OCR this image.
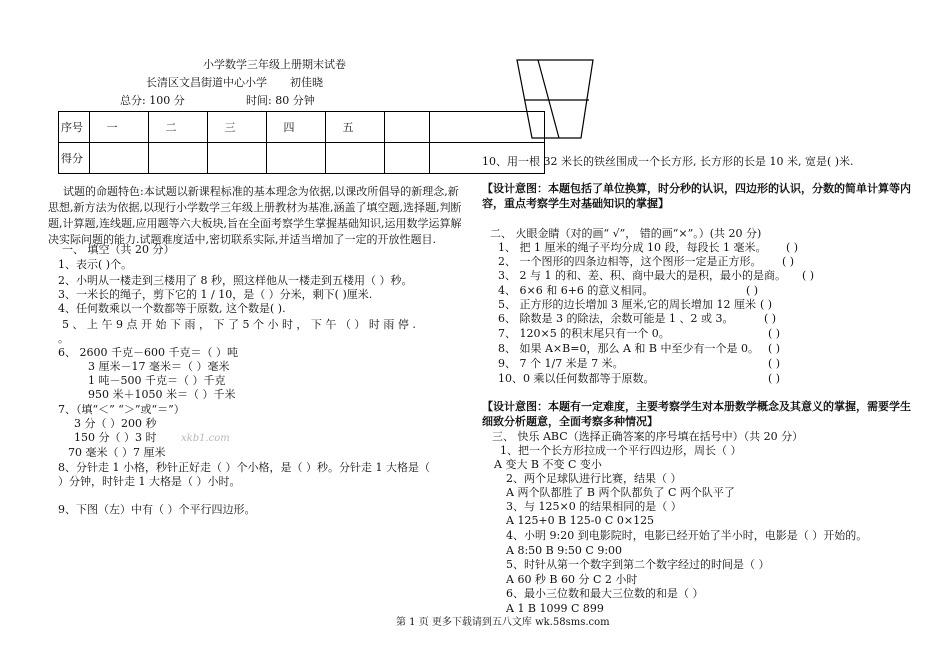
小学数学三年级上册期末试卷
长清区文昌街道中心小学 初佳晓
总分: 100 分	时间: 80 分钟
序号	一	二	三	四	五		
得分							
试题的命题特色:本试题以新课程标准的基本理念为依据,以课改所倡导的新理念,新
思想,新方法为依据,以现行小学数学三年级上册教材为基准,涵盖了填空题,选择题,判断
题,计算题,连线题,应用题等六大板块,旨在全面考察学生掌握基础知识,运用数学运算解
决实际问题的能力.试题难度适中,密切联系实际,并适当增加了一定的开放性题目.
一、 填空（共 20 分）
1、表示( )个。
2、小明从一楼走到三楼用了 8 秒，照这样他从一楼走到五楼用（ ）秒。
3、一米长的绳子，剪下它的 1 / 10，是（ ）分米，剩下( )厘米.
4、任何数乘以一个数都等于原数, 这个数是( ).
5 、 上 午 9 点 开 始 下 雨 ， 下 了 5 个 小 时 ， 下 午 （ ） 时 雨 停 .
。
6、 2600 千克－600 千克＝（ ）吨
3 厘米－17 毫米＝（ ）毫米
1 吨－500 千克＝（ ）千克
950 米＋1050 米＝（ ）千米
7、（填“＜” “＞”或“＝”）
3 分（ ）200 秒
150 分（ ）3 时 xkb1.com
70 毫米（ ）7 厘米
8、分针走 1 小格，秒针正好走（ ）个小格，是（ ）秒。分针走 1 大格是（
）分钟，时针走 1 大格是（ ）小时。
9、下图（左）中有（ ）个平行四边形。
10、用一根 32 米长的铁丝围成一个长方形, 长方形的长是 10 米, 宽是( )米.
【设计意图：本题包括了单位换算，时分秒的认识，四边形的认识，分数的简单计算等内容，重点考察学生对基础知识的掌握】
二、 火眼金睛（对的画“ √”， 错的画“×”。）(共 20 分)
1、 把 1 厘米的绳子平均分成 10 段，每段长 1 毫米。 ( )
2、 一个图形的四条边相等，这个图形一定是正方形。 ( )
3、 2 与 1 的和、差、积、商中最大的是积，最小的是商。 ( )
4、 6×6 和 6+6 的意义相同。	( )
5、 正方形的边长增加 3 厘米,它的周长增加 12 厘米 ( )
6、 除数是 3 的除法，余数可能是 1 、2 或 3。	( )
7、 120×5 的积末尾只有一个 0。	( )
8、 如果 A×B=0，那么 A 和 B 中至少有一个是 0。 ( )
9、 7 个 1/7 米是 7 米。	( )
10、0 乘以任何数都等于原数。	( )
【设计意图：本题有一定难度，主要考察学生对本册数学概念及其意义的掌握，需要学生细致分析题意，全面考察多种情况】
三、 快乐 ABC（选择正确答案的序号填在括号中）（共 20 分）
1、把一个长方形拉成一个平行四边形，周长（ ）
A 变大 B 不变 C 变小
2、两个足球队进行比赛，结果（ ）
A 两个队都胜了 B 两个队都负了 C 两个队平了
3、与 125×0 的结果相同的是（ ）
A 125+0 B 125-0 C 0×125
4、小明 9:20 到电影院时，电影已经开始了半小时，电影是（ ）开始的。
A 8:50 B 9:50 C 9:00
5、时针从第一个数字到第二个数字经过的时间是（ ）
A 60 秒 B 60 分 C 2 小时
6、最小三位数和最大三位数的和是（ ）
A 1 B 1099 C 899
第 1 页 更多下载请到五八文库 wk.58sms.com
